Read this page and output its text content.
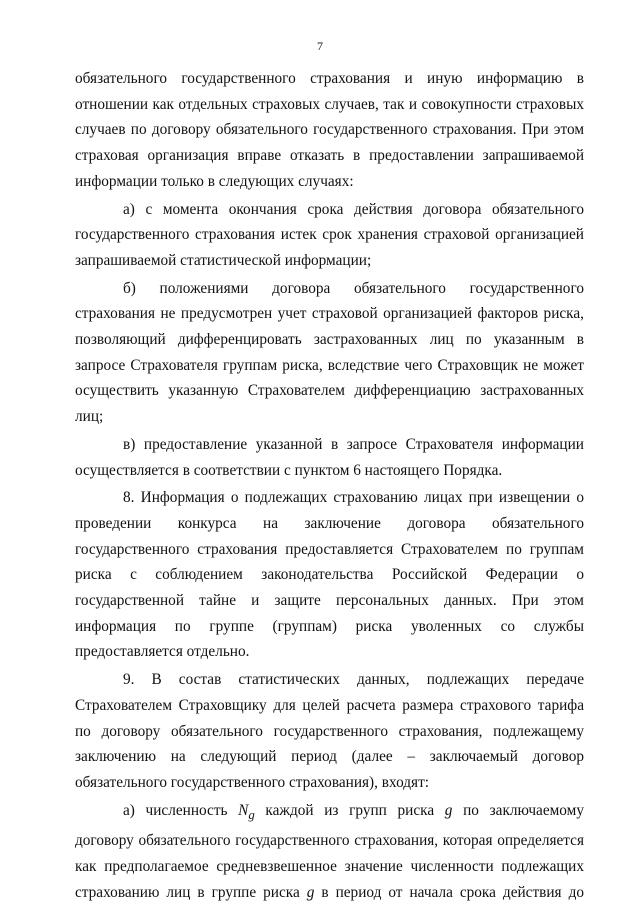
7

обязательного государственного страхования и иную информацию в отношении как отдельных страховых случаев, так и совокупности страховых случаев по договору обязательного государственного страхования. При этом страховая организация вправе отказать в предоставлении запрашиваемой информации только в следующих случаях:

а) с момента окончания срока действия договора обязательного государственного страхования истек срок хранения страховой организацией запрашиваемой статистической информации;

б) положениями договора обязательного государственного страхования не предусмотрен учет страховой организацией факторов риска, позволяющий дифференцировать застрахованных лиц по указанным в запросе Страхователя группам риска, вследствие чего Страховщик не может осуществить указанную Страхователем дифференциацию застрахованных лиц;

в) предоставление указанной в запросе Страхователя информации осуществляется в соответствии с пунктом 6 настоящего Порядка.

8. Информация о подлежащих страхованию лицах при извещении о проведении конкурса на заключение договора обязательного государственного страхования предоставляется Страхователем по группам риска с соблюдением законодательства Российской Федерации о государственной тайне и защите персональных данных. При этом информация по группе (группам) риска уволенных со службы предоставляется отдельно.

9. В состав статистических данных, подлежащих передаче Страхователем Страховщику для целей расчета размера страхового тарифа по договору обязательного государственного страхования, подлежащему заключению на следующий период (далее – заключаемый договор обязательного государственного страхования), входят:

а) численность $N_g$ каждой из групп риска g по заключаемому договору обязательного государственного страхования, которая определяется как предполагаемое средневзвешенное значение численности подлежащих страхованию лиц в группе риска g в период от начала срока действия до
